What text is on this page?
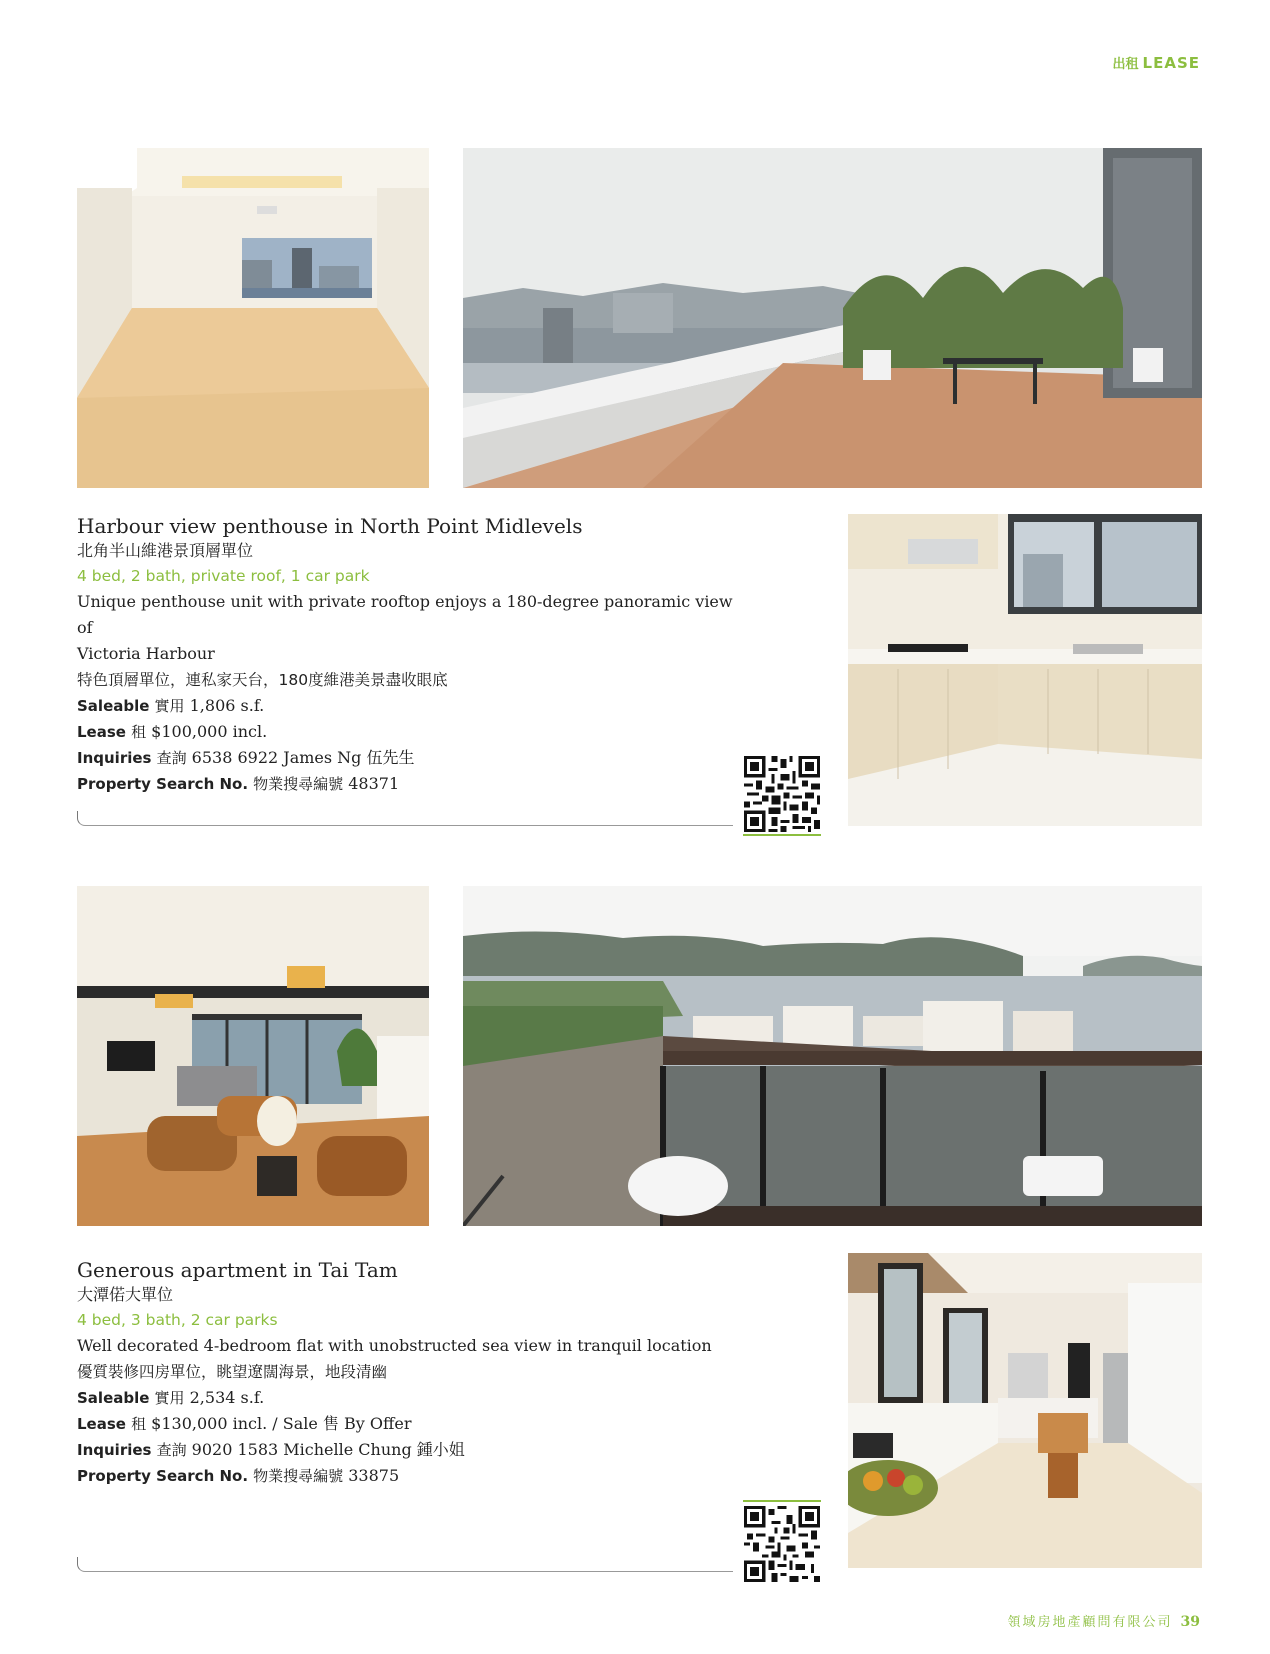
出租 LEASE
Harbour view penthouse in North Point Midlevels
北角半山維港景頂層單位
4 bed, 2 bath, private roof, 1 car park
Unique penthouse unit with private rooftop enjoys a 180-degree panoramic view of
Victoria Harbour
特色頂層單位，連私家天台，180度維港美景盡收眼底
Saleable 實用 1,806 s.f.
Lease 租 $100,000 incl.
Inquiries 查詢 6538 6922 James Ng 伍先生
Property Search No. 物業搜尋編號 48371
Generous apartment in Tai Tam
大潭偌大單位
4 bed, 3 bath, 2 car parks
Well decorated 4-bedroom flat with unobstructed sea view in tranquil location
優質裝修四房單位，眺望遼闊海景，地段清幽
Saleable 實用 2,534 s.f.
Lease 租 $130,000 incl. / Sale 售 By Offer
Inquiries 查詢 9020 1583 Michelle Chung 鍾小姐
Property Search No. 物業搜尋編號 33875
領域房地產顧問有限公司 39
